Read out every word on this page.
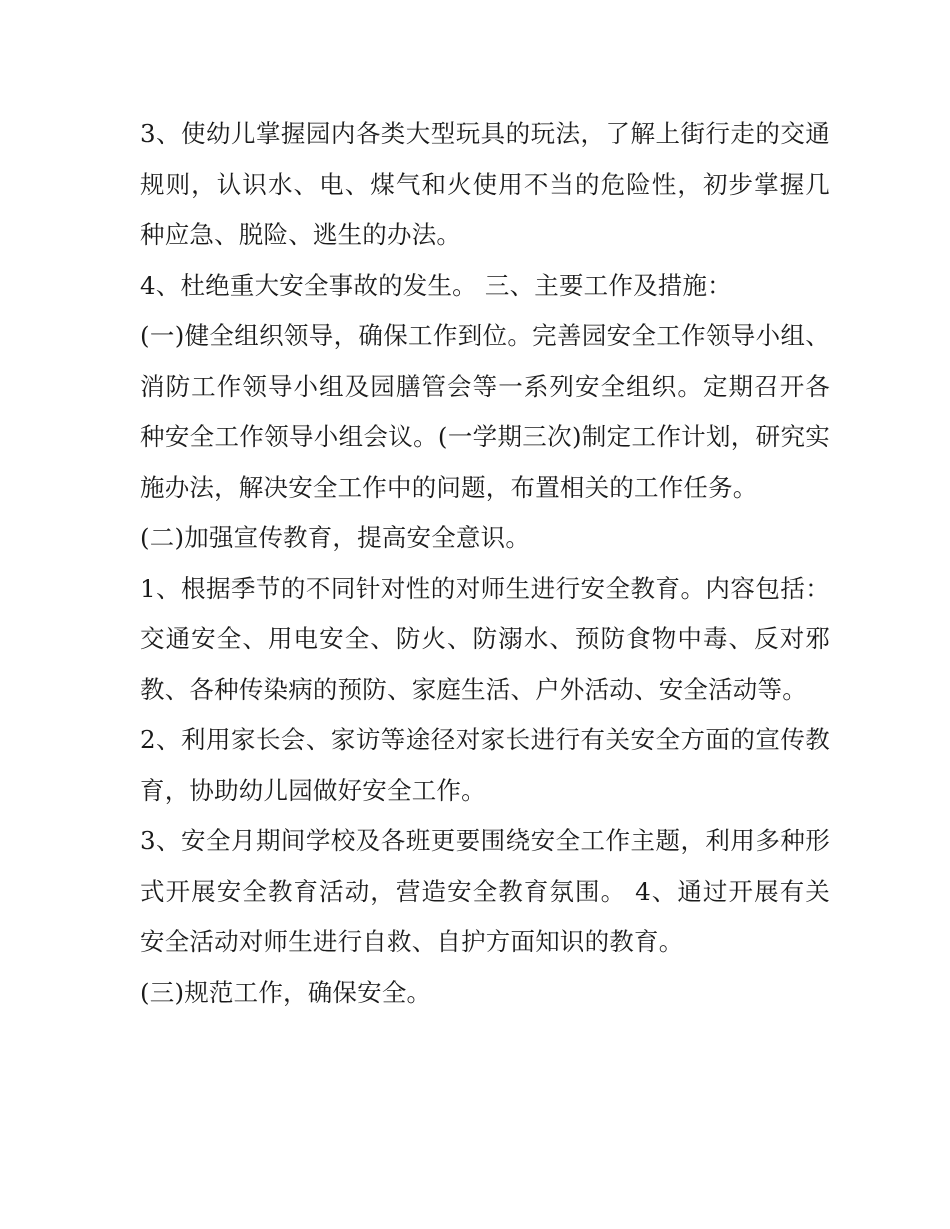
3、使幼儿掌握园内各类大型玩具的玩法，了解上街行走的交通规则，认识水、电、煤气和火使用不当的危险性，初步掌握几种应急、脱险、逃生的办法。

4、杜绝重大安全事故的发生。 三、主要工作及措施：

(一)健全组织领导，确保工作到位。完善园安全工作领导小组、消防工作领导小组及园膳管会等一系列安全组织。定期召开各种安全工作领导小组会议。(一学期三次)制定工作计划，研究实施办法，解决安全工作中的问题，布置相关的工作任务。

(二)加强宣传教育，提高安全意识。

1、根据季节的不同针对性的对师生进行安全教育。内容包括：交通安全、用电安全、防火、防溺水、预防食物中毒、反对邪教、各种传染病的预防、家庭生活、户外活动、安全活动等。

2、利用家长会、家访等途径对家长进行有关安全方面的宣传教育，协助幼儿园做好安全工作。

3、安全月期间学校及各班更要围绕安全工作主题，利用多种形式开展安全教育活动，营造安全教育氛围。 4、通过开展有关安全活动对师生进行自救、自护方面知识的教育。

(三)规范工作，确保安全。
